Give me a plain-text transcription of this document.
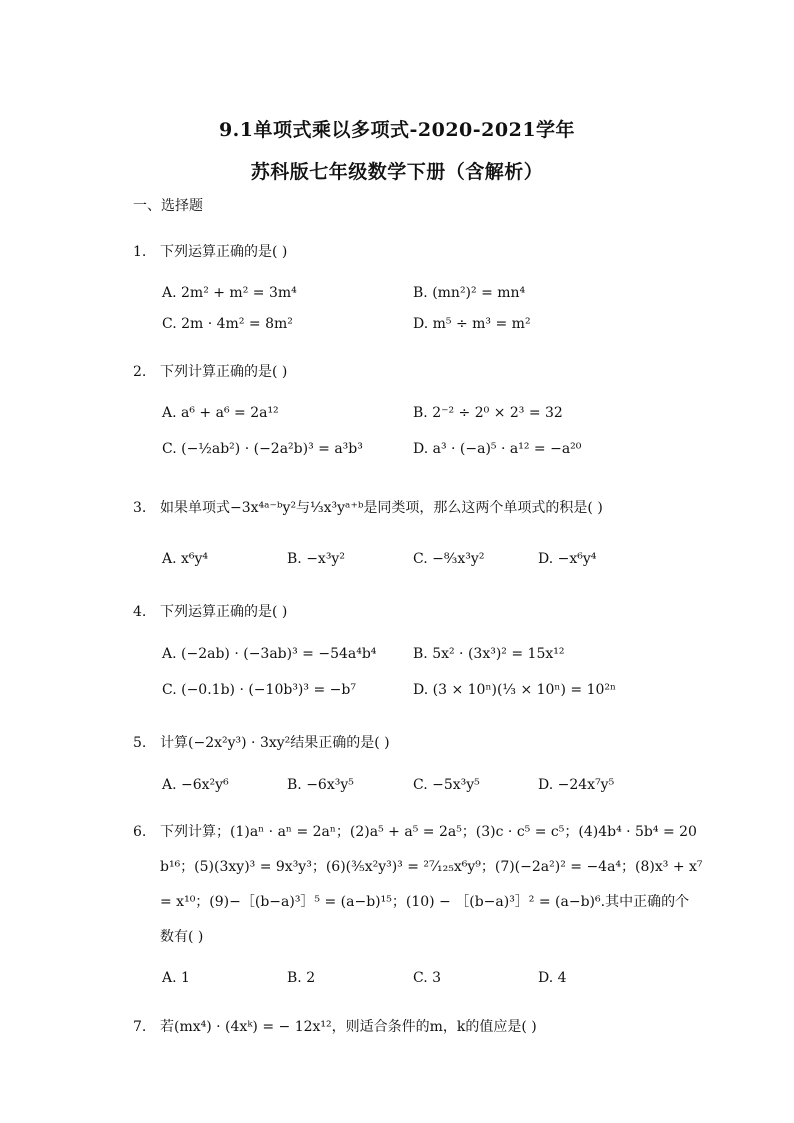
9.1单项式乘以多项式-2020-2021学年
苏科版七年级数学下册（含解析）
一、选择题
1. 下列运算正确的是( )
A. 2m² + m² = 3m⁴	B. (mn²)² = mn⁴
C. 2m · 4m² = 8m²	D. m⁵ ÷ m³ = m²
2. 下列计算正确的是( )
A. a⁶ + a⁶ = 2a¹²	B. 2⁻² ÷ 2⁰ × 2³ = 32
C. (−½ab²) · (−2a²b)³ = a³b³	D. a³ · (−a)⁵ · a¹² = −a²⁰
3. 如果单项式−3x⁴ᵃ⁻ᵇy²与⅓x³yᵃ⁺ᵇ是同类项，那么这两个单项式的积是( )
A. x⁶y⁴	B. −x³y²	C. −⁸⁄₃x³y²	D. −x⁶y⁴
4. 下列运算正确的是( )
A. (−2ab) · (−3ab)³ = −54a⁴b⁴	B. 5x² · (3x³)² = 15x¹²
C. (−0.1b) · (−10b³)³ = −b⁷	D. (3 × 10ⁿ)(⅓ × 10ⁿ) = 10²ⁿ
5. 计算(−2x²y³) · 3xy²结果正确的是( )
A. −6x²y⁶	B. −6x³y⁵	C. −5x³y⁵	D. −24x⁷y⁵
6. 下列计算；(1)aⁿ · aⁿ = 2aⁿ；(2)a⁵ + a⁵ = 2a⁵；(3)c · c⁵ = c⁵；(4)4b⁴ · 5b⁴ = 20
b¹⁶；(5)(3xy)³ = 9x³y³；(6)(³⁄₅x²y³)³ = ²⁷⁄₁₂₅x⁶y⁹；(7)(−2a²)² = −4a⁴；(8)x³ + x⁷
= x¹⁰；(9)−［(b−a)³］⁵ = (a−b)¹⁵；(10) − ［(b−a)³］² = (a−b)⁶.其中正确的个
数有( )
A. 1	B. 2	C. 3	D. 4
7. 若(mx⁴) · (4xᵏ) = − 12x¹²，则适合条件的m，k的值应是( )
